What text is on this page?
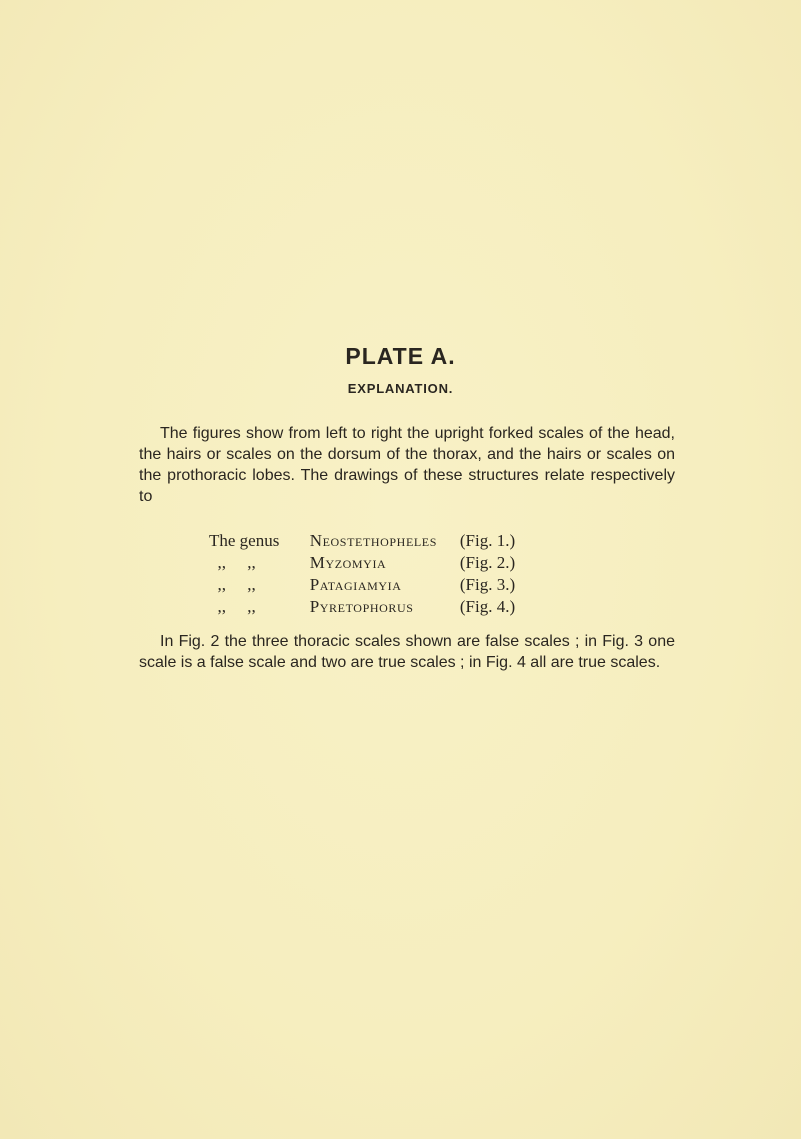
PLATE A.
EXPLANATION.
The figures show from left to right the upright forked scales of the head, the hairs or scales on the dorsum of the thorax, and the hairs or scales on the prothoracic lobes. The drawings of these structures relate respectively to
The genus	Neostethopheles	(Fig. 1.)
,,     ,,	Myzomyia	(Fig. 2.)
,,     ,,	Patagiamyia	(Fig. 3.)
,,     ,,	Pyretophorus	(Fig. 4.)
In Fig. 2 the three thoracic scales shown are false scales ; in Fig. 3 one scale is a false scale and two are true scales ; in Fig. 4 all are true scales.
